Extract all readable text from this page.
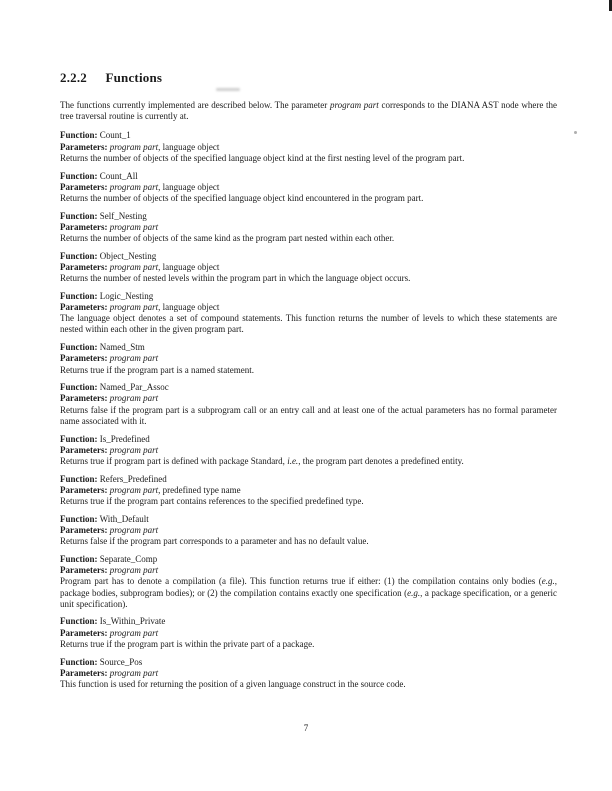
2.2.2 Functions

The functions currently implemented are described below. The parameter program part corresponds to the DIANA AST node where the tree traversal routine is currently at.

Function: Count_1
Parameters: program part, language object
Returns the number of objects of the specified language object kind at the first nesting level of the program part.
Function: Count_All
Parameters: program part, language object
Returns the number of objects of the specified language object kind encountered in the program part.
Function: Self_Nesting
Parameters: program part
Returns the number of objects of the same kind as the program part nested within each other.
Function: Object_Nesting
Parameters: program part, language object
Returns the number of nested levels within the program part in which the language object occurs.
Function: Logic_Nesting
Parameters: program part, language object
The language object denotes a set of compound statements. This function returns the number of levels to which these statements are nested within each other in the given program part.
Function: Named_Stm
Parameters: program part
Returns true if the program part is a named statement.
Function: Named_Par_Assoc
Parameters: program part
Returns false if the program part is a subprogram call or an entry call and at least one of the actual parameters has no formal parameter name associated with it.
Function: Is_Predefined
Parameters: program part
Returns true if program part is defined with package Standard, i.e., the program part denotes a predefined entity.
Function: Refers_Predefined
Parameters: program part, predefined type name
Returns true if the program part contains references to the specified predefined type.
Function: With_Default
Parameters: program part
Returns false if the program part corresponds to a parameter and has no default value.
Function: Separate_Comp
Parameters: program part
Program part has to denote a compilation (a file). This function returns true if either: (1) the compilation contains only bodies (e.g., package bodies, subprogram bodies); or (2) the compilation contains exactly one specification (e.g., a package specification, or a generic unit specification).
Function: Is_Within_Private
Parameters: program part
Returns true if the program part is within the private part of a package.
Function: Source_Pos
Parameters: program part
This function is used for returning the position of a given language construct in the source code.
7
